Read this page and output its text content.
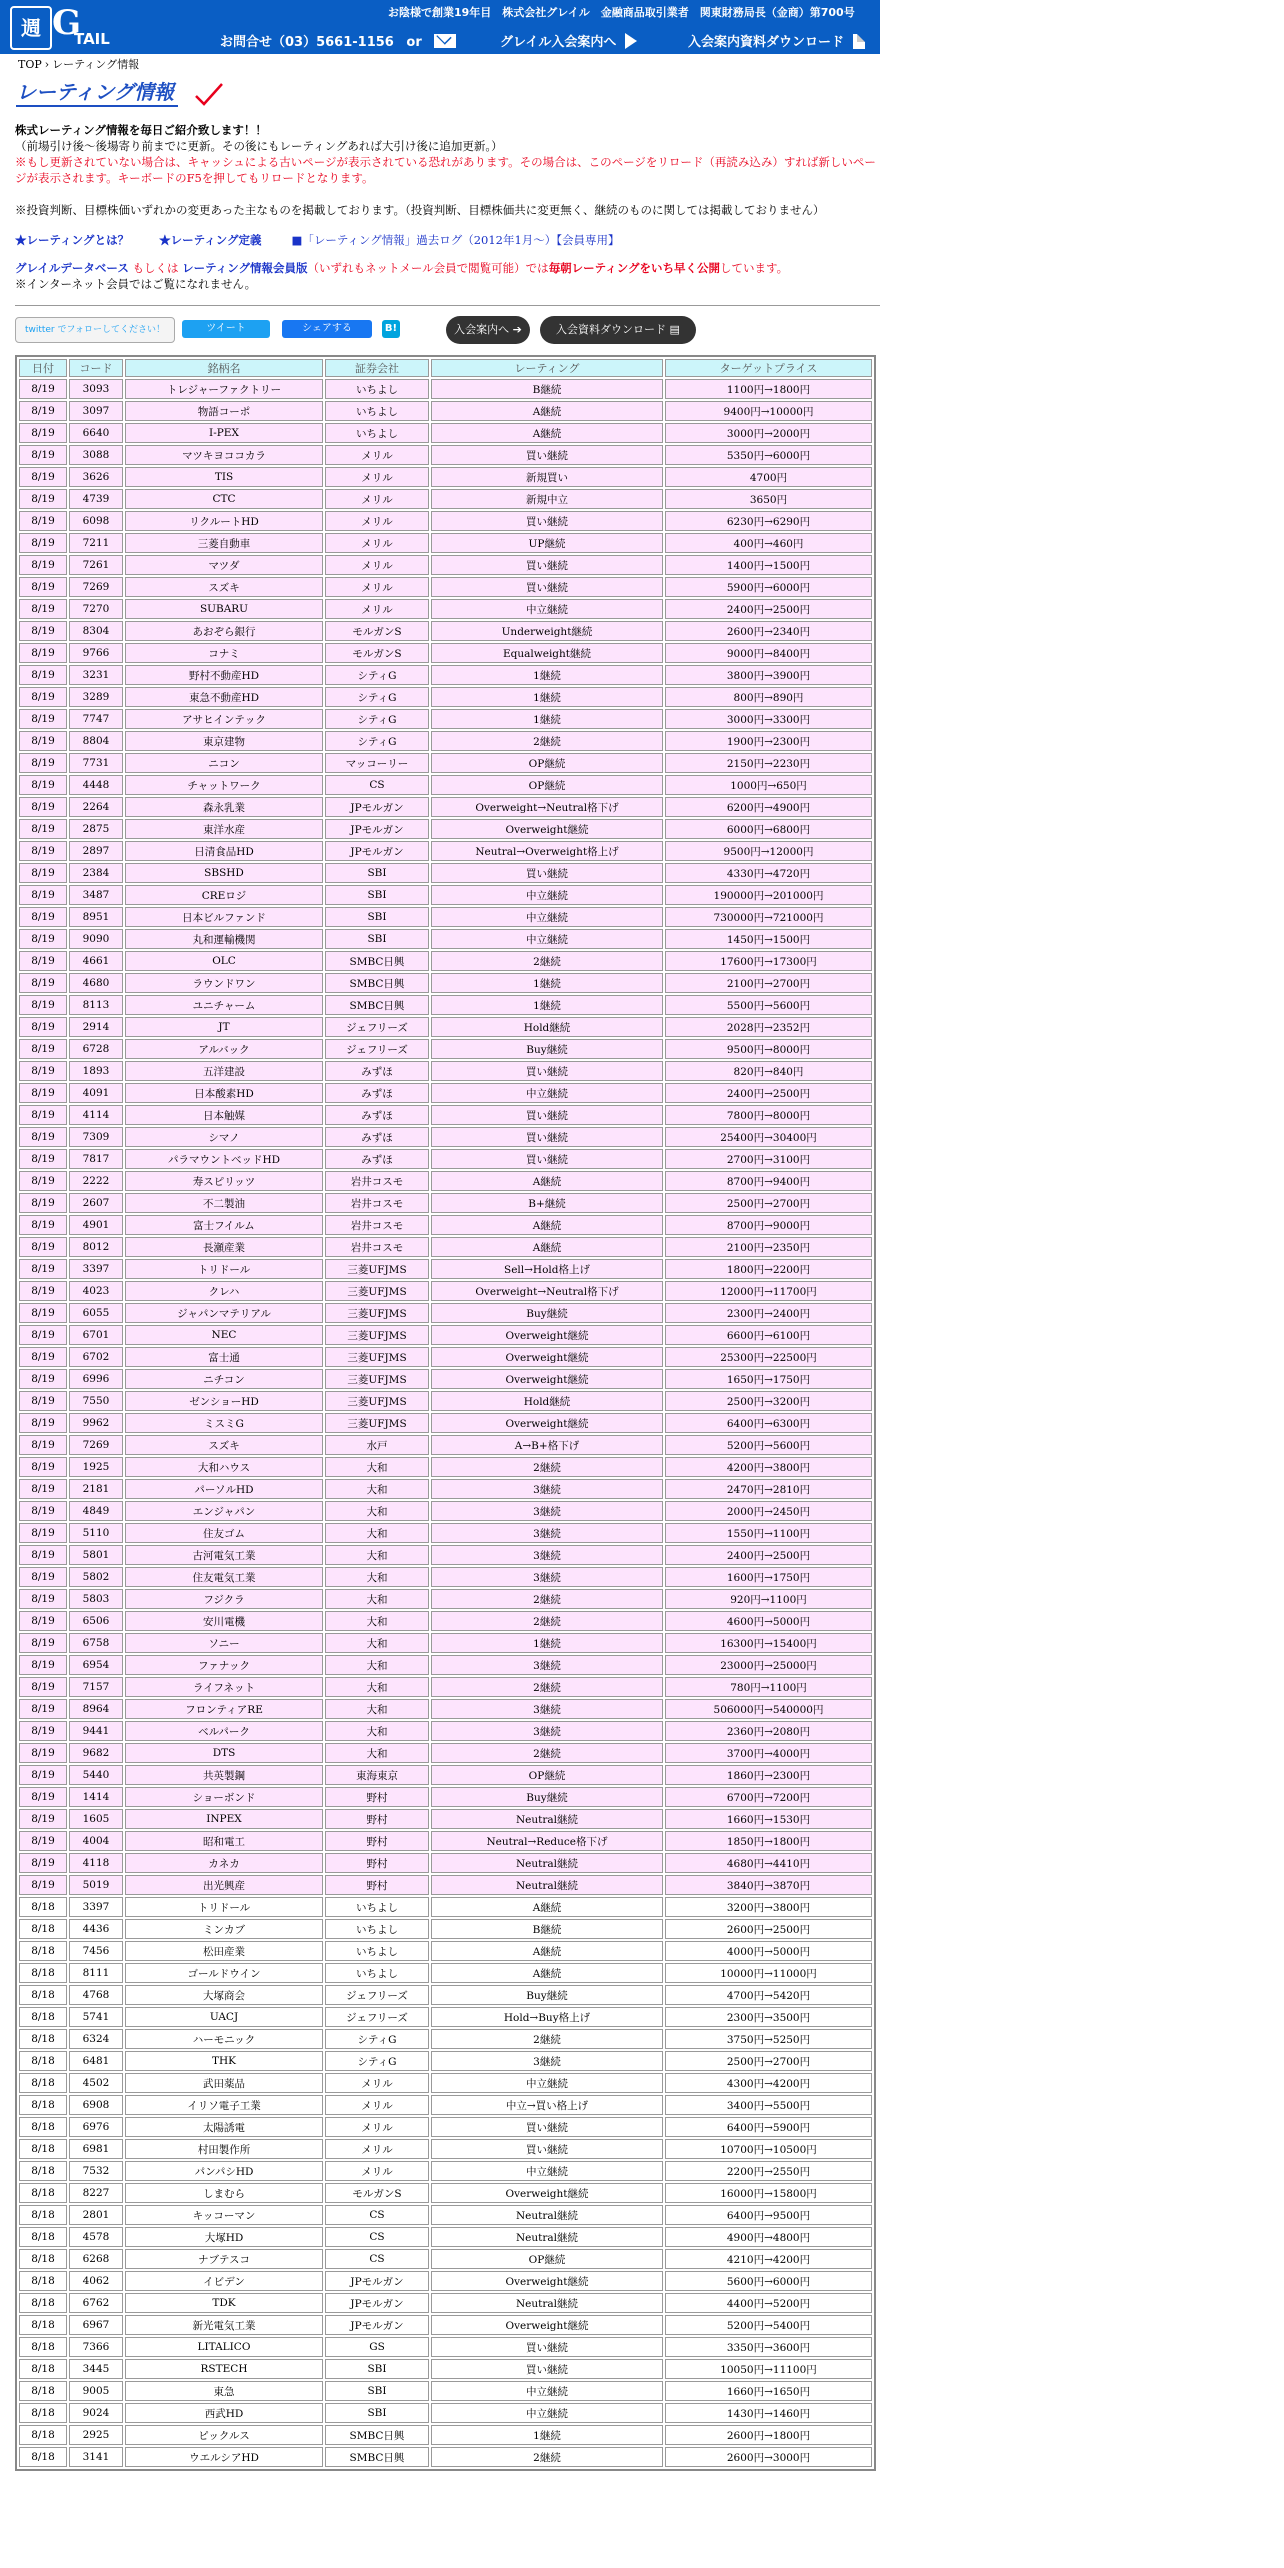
週 G
TAIL
お陰様で創業19年目　株式会社グレイル　金融商品取引業者　関東財務局長（金商）第700号
お問合せ（03）5661-1156 or	グレイル入会案内へ	入会案内資料ダウンロード
TOP › レーティング情報
レーティング情報

株式レーティング情報を毎日ご紹介致します！！

（前場引け後〜後場寄り前までに更新。その後にもレーティングあれば大引け後に追加更新。）

※もし更新されていない場合は、キャッシュによる古いページが表示されている恐れがあります。その場合は、このページをリロード（再読み込み）すれば新しいページが表示されます。キーボードのF5を押してもリロードとなります。

※投資判断、目標株価いずれかの変更あった主なものを掲載しております。（投資判断、目標株価共に変更無く、継続のものに関しては掲載しておりません）

★レーティングとは？	★レーティング定義	■「レーティング情報」過去ログ（2012年1月〜）【会員専用】
グレイルデータベース もしくは レーティング情報会員版（いずれもネットメール会員で閲覧可能）では毎朝レーティングをいち早く公開しています。
※インターネット会員ではご覧になれません。
twitter でフォローしてください！	ツイート	シェアする	B!	入会案内へ ➔	入会資料ダウンロード ▤
日付	コード	銘柄名	証券会社	レーティング	ターゲットプライス
8/19	3093	トレジャーファクトリー	いちよし	B継続	1100円→1800円
8/19	3097	物語コーポ	いちよし	A継続	9400円→10000円
8/19	6640	I-PEX	いちよし	A継続	3000円→2000円
8/19	3088	マツキヨココカラ	メリル	買い継続	5350円→6000円
8/19	3626	TIS	メリル	新規買い	4700円
8/19	4739	CTC	メリル	新規中立	3650円
8/19	6098	リクルートHD	メリル	買い継続	6230円→6290円
8/19	7211	三菱自動車	メリル	UP継続	400円→460円
8/19	7261	マツダ	メリル	買い継続	1400円→1500円
8/19	7269	スズキ	メリル	買い継続	5900円→6000円
8/19	7270	SUBARU	メリル	中立継続	2400円→2500円
8/19	8304	あおぞら銀行	モルガンS	Underweight継続	2600円→2340円
8/19	9766	コナミ	モルガンS	Equalweight継続	9000円→8400円
8/19	3231	野村不動産HD	シティG	1継続	3800円→3900円
8/19	3289	東急不動産HD	シティG	1継続	800円→890円
8/19	7747	アサヒインテック	シティG	1継続	3000円→3300円
8/19	8804	東京建物	シティG	2継続	1900円→2300円
8/19	7731	ニコン	マッコーリー	OP継続	2150円→2230円
8/19	4448	チャットワーク	CS	OP継続	1000円→650円
8/19	2264	森永乳業	JPモルガン	Overweight→Neutral格下げ	6200円→4900円
8/19	2875	東洋水産	JPモルガン	Overweight継続	6000円→6800円
8/19	2897	日清食品HD	JPモルガン	Neutral→Overweight格上げ	9500円→12000円
8/19	2384	SBSHD	SBI	買い継続	4330円→4720円
8/19	3487	CREロジ	SBI	中立継続	190000円→201000円
8/19	8951	日本ビルファンド	SBI	中立継続	730000円→721000円
8/19	9090	丸和運輸機関	SBI	中立継続	1450円→1500円
8/19	4661	OLC	SMBC日興	2継続	17600円→17300円
8/19	4680	ラウンドワン	SMBC日興	1継続	2100円→2700円
8/19	8113	ユニチャーム	SMBC日興	1継続	5500円→5600円
8/19	2914	JT	ジェフリーズ	Hold継続	2028円→2352円
8/19	6728	アルバック	ジェフリーズ	Buy継続	9500円→8000円
8/19	1893	五洋建設	みずほ	買い継続	820円→840円
8/19	4091	日本酸素HD	みずほ	中立継続	2400円→2500円
8/19	4114	日本触媒	みずほ	買い継続	7800円→8000円
8/19	7309	シマノ	みずほ	買い継続	25400円→30400円
8/19	7817	パラマウントベッドHD	みずほ	買い継続	2700円→3100円
8/19	2222	寿スピリッツ	岩井コスモ	A継続	8700円→9400円
8/19	2607	不二製油	岩井コスモ	B+継続	2500円→2700円
8/19	4901	富士フイルム	岩井コスモ	A継続	8700円→9000円
8/19	8012	長瀬産業	岩井コスモ	A継続	2100円→2350円
8/19	3397	トリドール	三菱UFJMS	Sell→Hold格上げ	1800円→2200円
8/19	4023	クレハ	三菱UFJMS	Overweight→Neutral格下げ	12000円→11700円
8/19	6055	ジャパンマテリアル	三菱UFJMS	Buy継続	2300円→2400円
8/19	6701	NEC	三菱UFJMS	Overweight継続	6600円→6100円
8/19	6702	富士通	三菱UFJMS	Overweight継続	25300円→22500円
8/19	6996	ニチコン	三菱UFJMS	Overweight継続	1650円→1750円
8/19	7550	ゼンショーHD	三菱UFJMS	Hold継続	2500円→3200円
8/19	9962	ミスミG	三菱UFJMS	Overweight継続	6400円→6300円
8/19	7269	スズキ	水戸	A→B+格下げ	5200円→5600円
8/19	1925	大和ハウス	大和	2継続	4200円→3800円
8/19	2181	パーソルHD	大和	3継続	2470円→2810円
8/19	4849	エンジャパン	大和	3継続	2000円→2450円
8/19	5110	住友ゴム	大和	3継続	1550円→1100円
8/19	5801	古河電気工業	大和	3継続	2400円→2500円
8/19	5802	住友電気工業	大和	3継続	1600円→1750円
8/19	5803	フジクラ	大和	2継続	920円→1100円
8/19	6506	安川電機	大和	2継続	4600円→5000円
8/19	6758	ソニー	大和	1継続	16300円→15400円
8/19	6954	ファナック	大和	3継続	23000円→25000円
8/19	7157	ライフネット	大和	2継続	780円→1100円
8/19	8964	フロンティアRE	大和	3継続	506000円→540000円
8/19	9441	ベルパーク	大和	3継続	2360円→2080円
8/19	9682	DTS	大和	2継続	3700円→4000円
8/19	5440	共英製鋼	東海東京	OP継続	1860円→2300円
8/19	1414	ショーボンド	野村	Buy継続	6700円→7200円
8/19	1605	INPEX	野村	Neutral継続	1660円→1530円
8/19	4004	昭和電工	野村	Neutral→Reduce格下げ	1850円→1800円
8/19	4118	カネカ	野村	Neutral継続	4680円→4410円
8/19	5019	出光興産	野村	Neutral継続	3840円→3870円
8/18	3397	トリドール	いちよし	A継続	3200円→3800円
8/18	4436	ミンカブ	いちよし	B継続	2600円→2500円
8/18	7456	松田産業	いちよし	A継続	4000円→5000円
8/18	8111	ゴールドウイン	いちよし	A継続	10000円→11000円
8/18	4768	大塚商会	ジェフリーズ	Buy継続	4700円→5420円
8/18	5741	UACJ	ジェフリーズ	Hold→Buy格上げ	2300円→3500円
8/18	6324	ハーモニック	シティG	2継続	3750円→5250円
8/18	6481	THK	シティG	3継続	2500円→2700円
8/18	4502	武田薬品	メリル	中立継続	4300円→4200円
8/18	6908	イリソ電子工業	メリル	中立→買い格上げ	3400円→5500円
8/18	6976	太陽誘電	メリル	買い継続	6400円→5900円
8/18	6981	村田製作所	メリル	買い継続	10700円→10500円
8/18	7532	パンパシHD	メリル	中立継続	2200円→2550円
8/18	8227	しまむら	モルガンS	Overweight継続	16000円→15800円
8/18	2801	キッコーマン	CS	Neutral継続	6400円→9500円
8/18	4578	大塚HD	CS	Neutral継続	4900円→4800円
8/18	6268	ナブテスコ	CS	OP継続	4210円→4200円
8/18	4062	イビデン	JPモルガン	Overweight継続	5600円→6000円
8/18	6762	TDK	JPモルガン	Neutral継続	4400円→5200円
8/18	6967	新光電気工業	JPモルガン	Overweight継続	5200円→5400円
8/18	7366	LITALICO	GS	買い継続	3350円→3600円
8/18	3445	RSTECH	SBI	買い継続	10050円→11100円
8/18	9005	東急	SBI	中立継続	1660円→1650円
8/18	9024	西武HD	SBI	中立継続	1430円→1460円
8/18	2925	ピックルス	SMBC日興	1継続	2600円→1800円
8/18	3141	ウエルシアHD	SMBC日興	2継続	2600円→3000円
